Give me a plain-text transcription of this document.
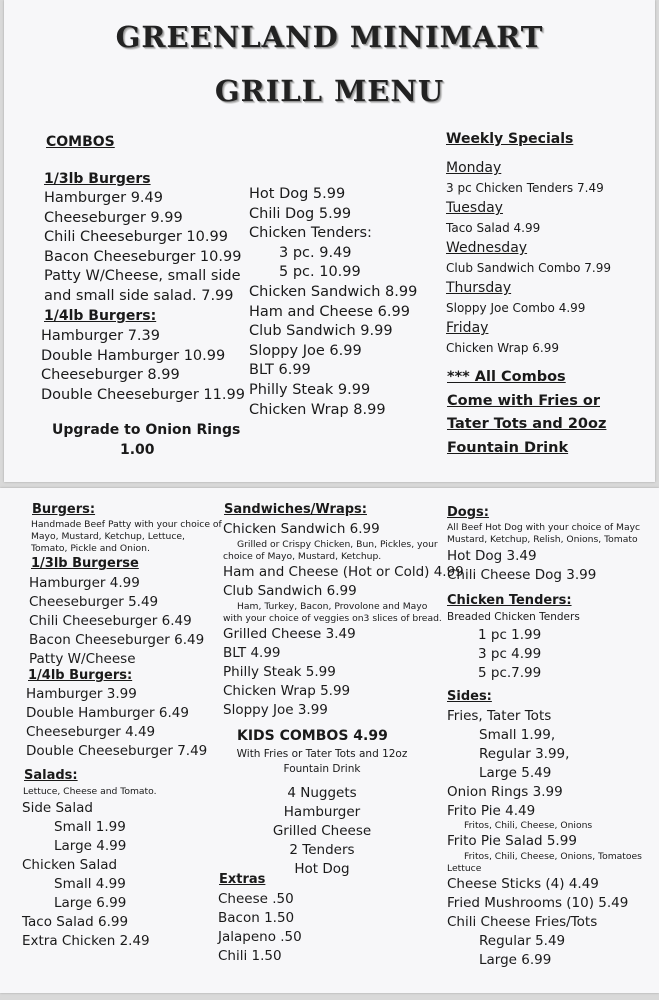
GREENLAND MINIMART
GRILL MENU
COMBOS
1/3lb Burgers
Hamburger 9.49
Cheeseburger 9.99
Chili Cheeseburger 10.99
Bacon Cheeseburger 10.99
Patty W/Cheese, small side
and small side salad. 7.99
1/4lb Burgers:
Hamburger 7.39
Double Hamburger 10.99
Cheeseburger 8.99
Double Cheeseburger 11.99
Upgrade to Onion Rings
1.00
Hot Dog 5.99
Chili Dog 5.99
Chicken Tenders:
3 pc. 9.49
5 pc. 10.99
Chicken Sandwich 8.99
Ham and Cheese 6.99
Club Sandwich 9.99
Sloppy Joe 6.99
BLT 6.99
Philly Steak 9.99
Chicken Wrap 8.99
Weekly Specials
Monday
3 pc Chicken Tenders 7.49
Tuesday
Taco Salad 4.99
Wednesday
Club Sandwich Combo 7.99
Thursday
Sloppy Joe Combo 4.99
Friday
Chicken Wrap 6.99
*** All Combos
Come with Fries or
Tater Tots and 20oz
Fountain Drink
Burgers:
Handmade Beef Patty with your choice of
Mayo, Mustard, Ketchup, Lettuce,
Tomato, Pickle and Onion.
1/3lb Burgerse
Hamburger 4.99
Cheeseburger 5.49
Chili Cheeseburger 6.49
Bacon Cheeseburger 6.49
Patty W/Cheese
1/4lb Burgers:
Hamburger 3.99
Double Hamburger 6.49
Cheeseburger 4.49
Double Cheeseburger 7.49
Salads:
Lettuce, Cheese and Tomato.
Side Salad
Small 1.99
Large 4.99
Chicken Salad
Small 4.99
Large 6.99
Taco Salad 6.99
Extra Chicken 2.49
Sandwiches/Wraps:
Chicken Sandwich 6.99
Grilled or Crispy Chicken, Bun, Pickles, your
choice of Mayo, Mustard, Ketchup.
Ham and Cheese (Hot or Cold) 4.99
Club Sandwich 6.99
Ham, Turkey, Bacon, Provolone and Mayo
with your choice of veggies on3 slices of bread.
Grilled Cheese 3.49
BLT 4.99
Philly Steak 5.99
Chicken Wrap 5.99
Sloppy Joe 3.99
KIDS COMBOS 4.99
With Fries or Tater Tots and 12oz
Fountain Drink
4 Nuggets
Hamburger
Grilled Cheese
2 Tenders
Hot Dog
Extras
Cheese .50
Bacon 1.50
Jalapeno .50
Chili 1.50
Dogs:
All Beef Hot Dog with your choice of Mayc
Mustard, Ketchup, Relish, Onions, Tomato
Hot Dog 3.49
Chili Cheese Dog 3.99
Chicken Tenders:
Breaded Chicken Tenders
1 pc 1.99
3 pc 4.99
5 pc.7.99
Sides:
Fries, Tater Tots
Small 1.99,
Regular 3.99,
Large 5.49
Onion Rings 3.99
Frito Pie 4.49
Fritos, Chili, Cheese, Onions
Frito Pie Salad 5.99
Fritos, Chili, Cheese, Onions, Tomatoes
Lettuce
Cheese Sticks (4) 4.49
Fried Mushrooms (10) 5.49
Chili Cheese Fries/Tots
Regular 5.49
Large 6.99
